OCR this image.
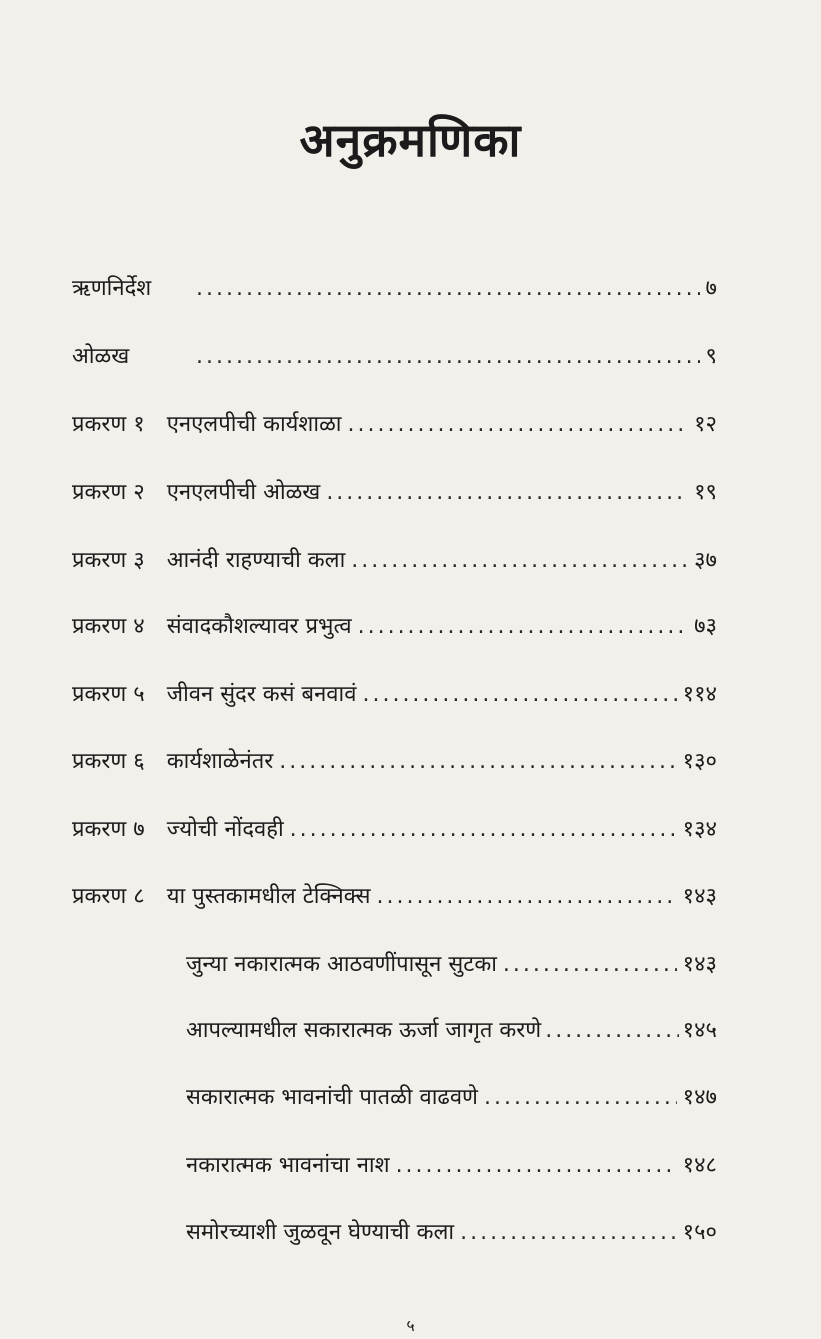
अनुक्रमणिका
ऋणनिर्देश .....	७
ओळख .....	९
प्रकरण १ एनएलपीची कार्यशाळा .....	१२
प्रकरण २ एनएलपीची ओळख .....	१९
प्रकरण ३ आनंदी राहण्याची कला .....	३७
प्रकरण ४ संवादकौशल्यावर प्रभुत्व .....	७३
प्रकरण ५ जीवन सुंदर कसं बनवावं .....	११४
प्रकरण ६ कार्यशाळेनंतर .....	१३०
प्रकरण ७ ज्योची नोंदवही .....	१३४
प्रकरण ८ या पुस्तकामधील टेक्निक्स .....	१४३
जुन्या नकारात्मक आठवणींपासून सुटका .....	१४३
आपल्यामधील सकारात्मक ऊर्जा जागृत करणे .....	१४५
सकारात्मक भावनांची पातळी वाढवणे .....	१४७
नकारात्मक भावनांचा नाश .....	१४८
समोरच्याशी जुळवून घेण्याची कला .....	१५०
५
